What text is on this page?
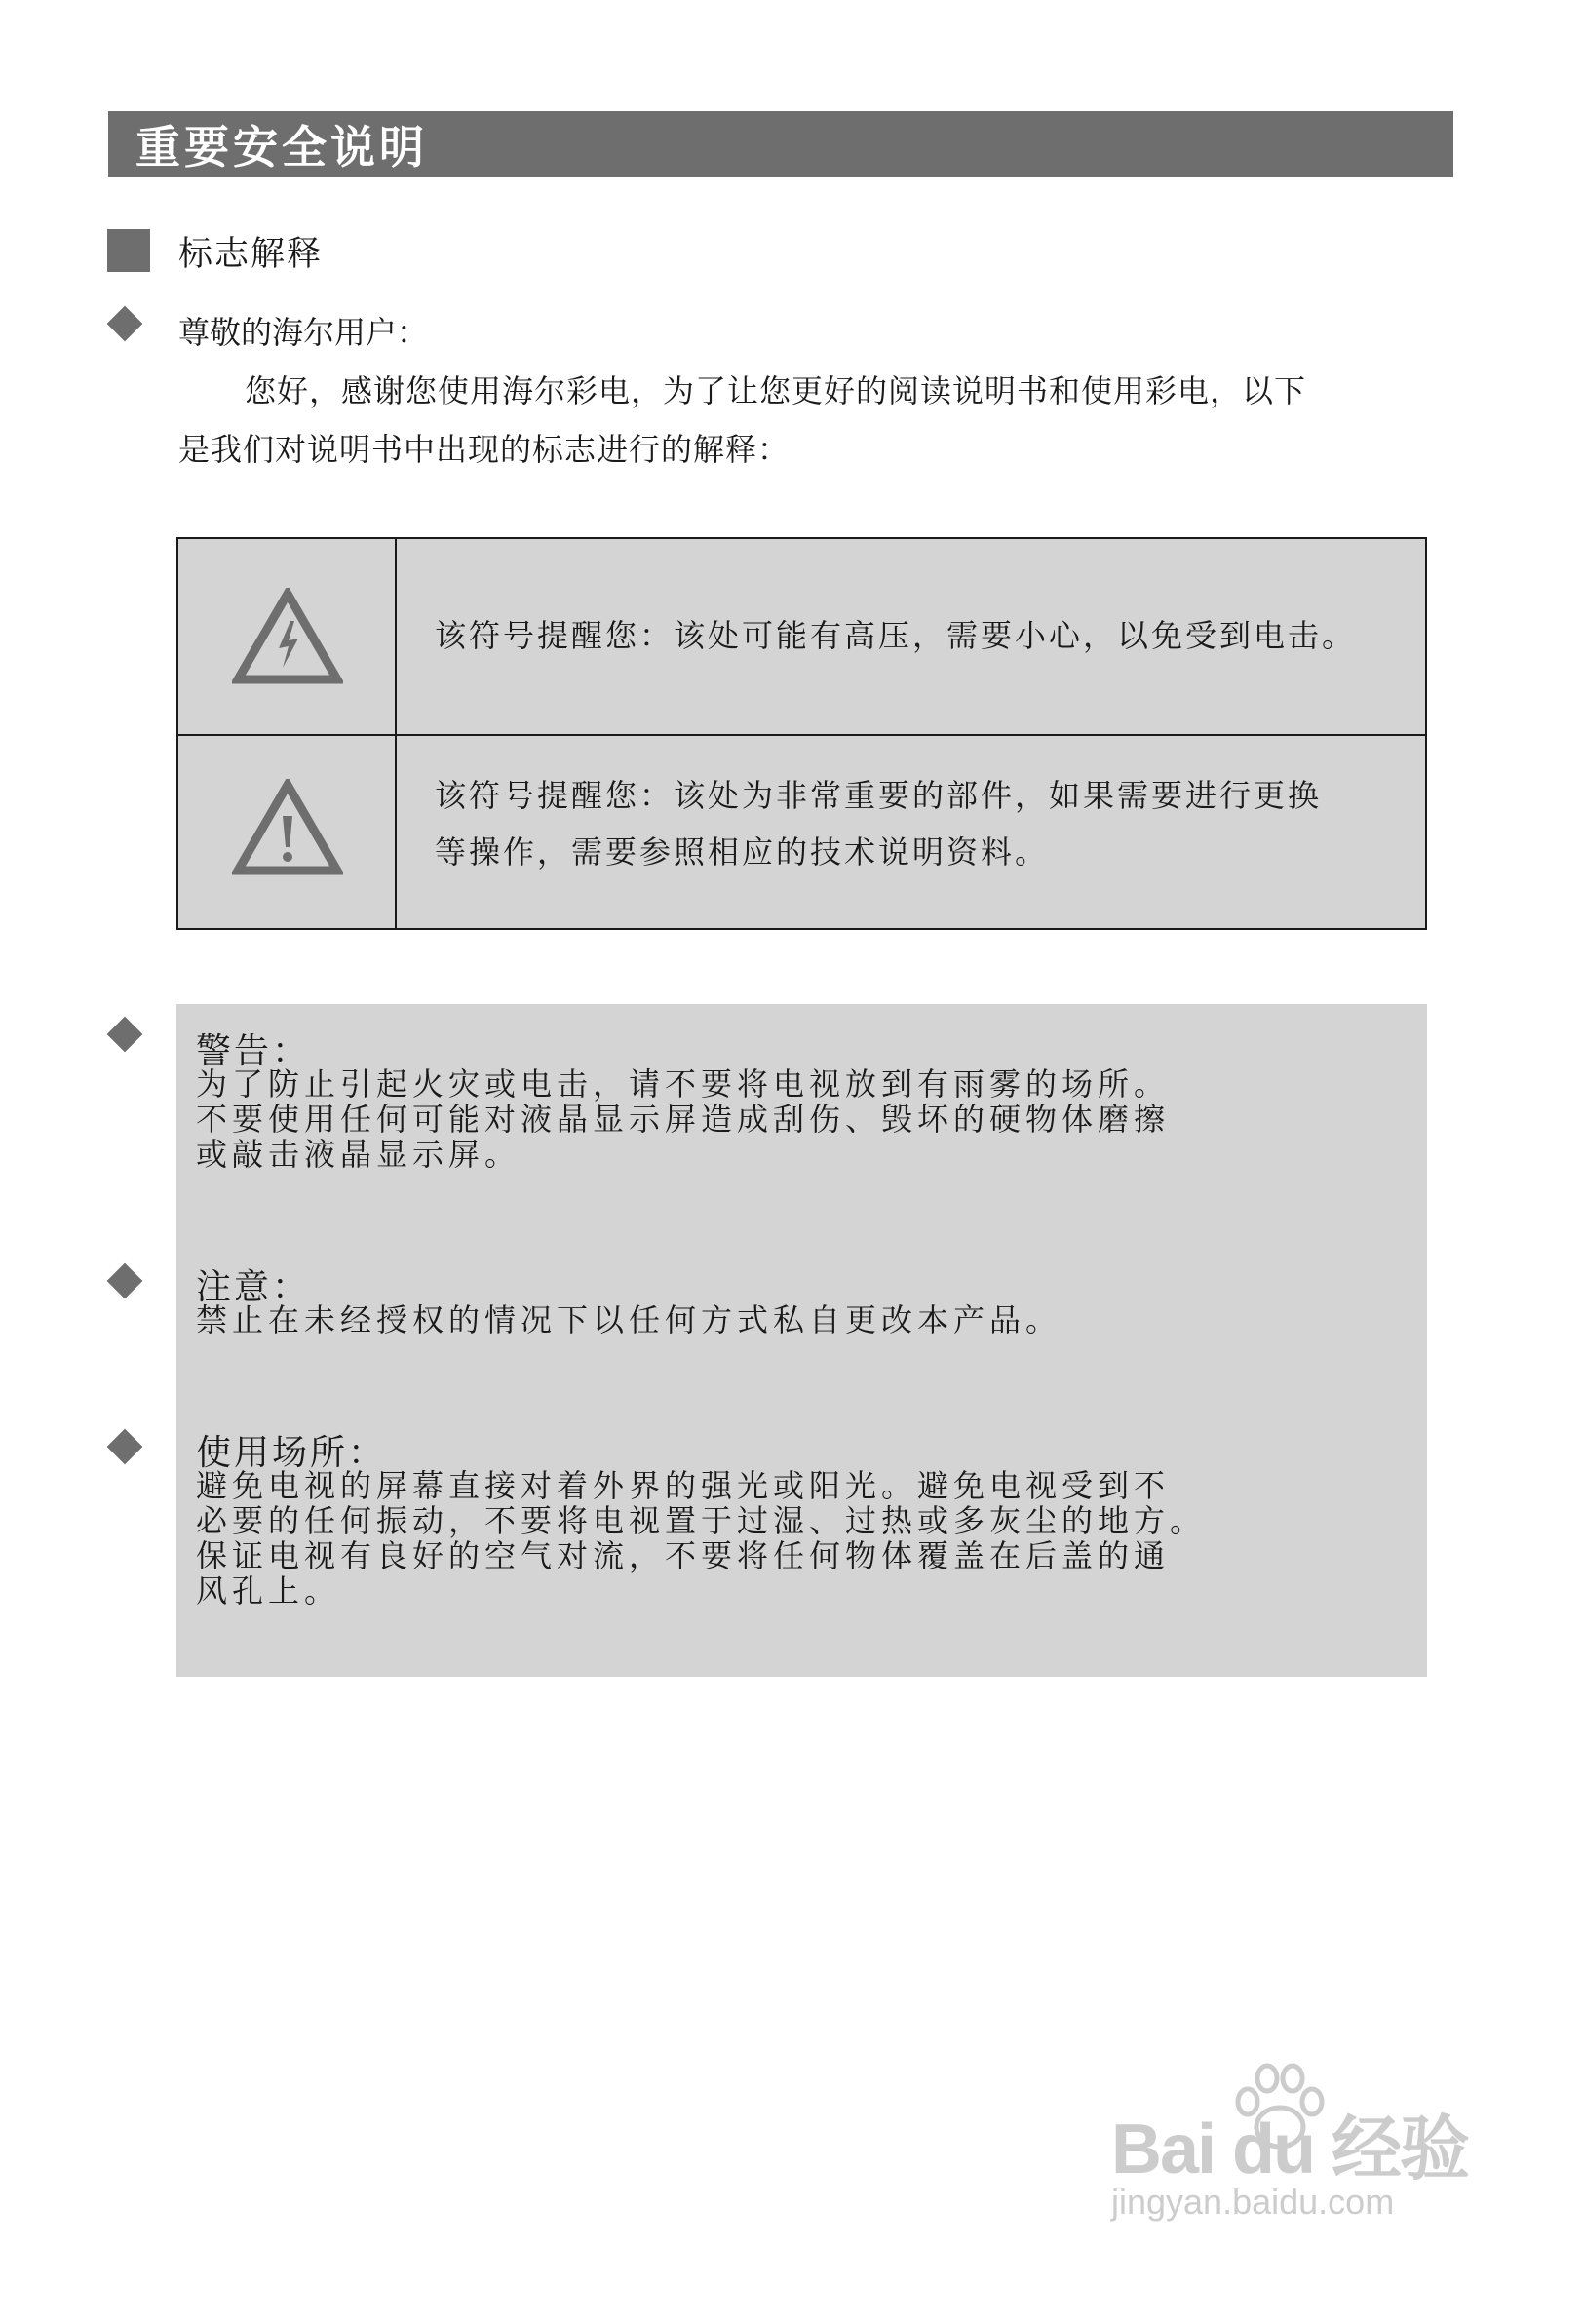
重要安全说明
标志解释
尊敬的海尔用户：
您好，感谢您使用海尔彩电，为了让您更好的阅读说明书和使用彩电，以下
是我们对说明书中出现的标志进行的解释：
该符号提醒您：该处可能有高压，需要小心，以免受到电击。
该符号提醒您：该处为非常重要的部件，如果需要进行更换
等操作，需要参照相应的技术说明资料。
警告：
为了防止引起火灾或电击，请不要将电视放到有雨雾的场所。
不要使用任何可能对液晶显示屏造成刮伤、毁坏的硬物体磨擦
或敲击液晶显示屏。
注意：
禁止在未经授权的情况下以任何方式私自更改本产品。
使用场所：
避免电视的屏幕直接对着外界的强光或阳光。避免电视受到不
必要的任何振动，不要将电视置于过湿、过热或多灰尘的地方。
保证电视有良好的空气对流，不要将任何物体覆盖在后盖的通
风孔上。
Bai du 经验
jingyan.baidu.com
